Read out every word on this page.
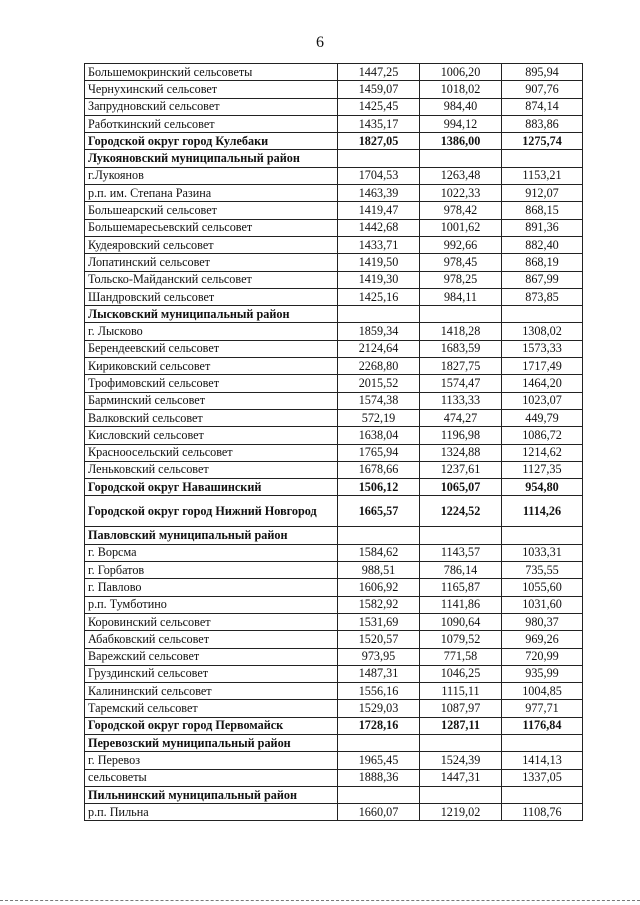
6
Большемокринский сельсоветы	1447,25	1006,20	895,94
Чернухинский сельсовет	1459,07	1018,02	907,76
Запрудновский сельсовет	1425,45	984,40	874,14
Работкинский сельсовет	1435,17	994,12	883,86
Городской округ город Кулебаки	1827,05	1386,00	1275,74
Лукояновский муниципальный район			
г.Лукоянов	1704,53	1263,48	1153,21
р.п. им. Степана Разина	1463,39	1022,33	912,07
Большеарский сельсовет	1419,47	978,42	868,15
Большемаресьевский сельсовет	1442,68	1001,62	891,36
Кудеяровский сельсовет	1433,71	992,66	882,40
Лопатинский сельсовет	1419,50	978,45	868,19
Тольско-Майданский сельсовет	1419,30	978,25	867,99
Шандровский сельсовет	1425,16	984,11	873,85
Лысковский муниципальный район			
г. Лысково	1859,34	1418,28	1308,02
Берендеевский сельсовет	2124,64	1683,59	1573,33
Кириковский сельсовет	2268,80	1827,75	1717,49
Трофимовский сельсовет	2015,52	1574,47	1464,20
Барминский сельсовет	1574,38	1133,33	1023,07
Валковский сельсовет	572,19	474,27	449,79
Кисловский сельсовет	1638,04	1196,98	1086,72
Красноосельский сельсовет	1765,94	1324,88	1214,62
Леньковский сельсовет	1678,66	1237,61	1127,35
Городской округ Навашинский	1506,12	1065,07	954,80
Городской округ город Нижний Новгород	1665,57	1224,52	1114,26
Павловский муниципальный район			
г. Ворсма	1584,62	1143,57	1033,31
г. Горбатов	988,51	786,14	735,55
г. Павлово	1606,92	1165,87	1055,60
р.п. Тумботино	1582,92	1141,86	1031,60
Коровинский сельсовет	1531,69	1090,64	980,37
Абабковский сельсовет	1520,57	1079,52	969,26
Варежский сельсовет	973,95	771,58	720,99
Груздинский сельсовет	1487,31	1046,25	935,99
Калининский сельсовет	1556,16	1115,11	1004,85
Таремский сельсовет	1529,03	1087,97	977,71
Городской округ город Первомайск	1728,16	1287,11	1176,84
Перевозский муниципальный район			
г. Перевоз	1965,45	1524,39	1414,13
сельсоветы	1888,36	1447,31	1337,05
Пильнинский муниципальный район			
р.п. Пильна	1660,07	1219,02	1108,76
